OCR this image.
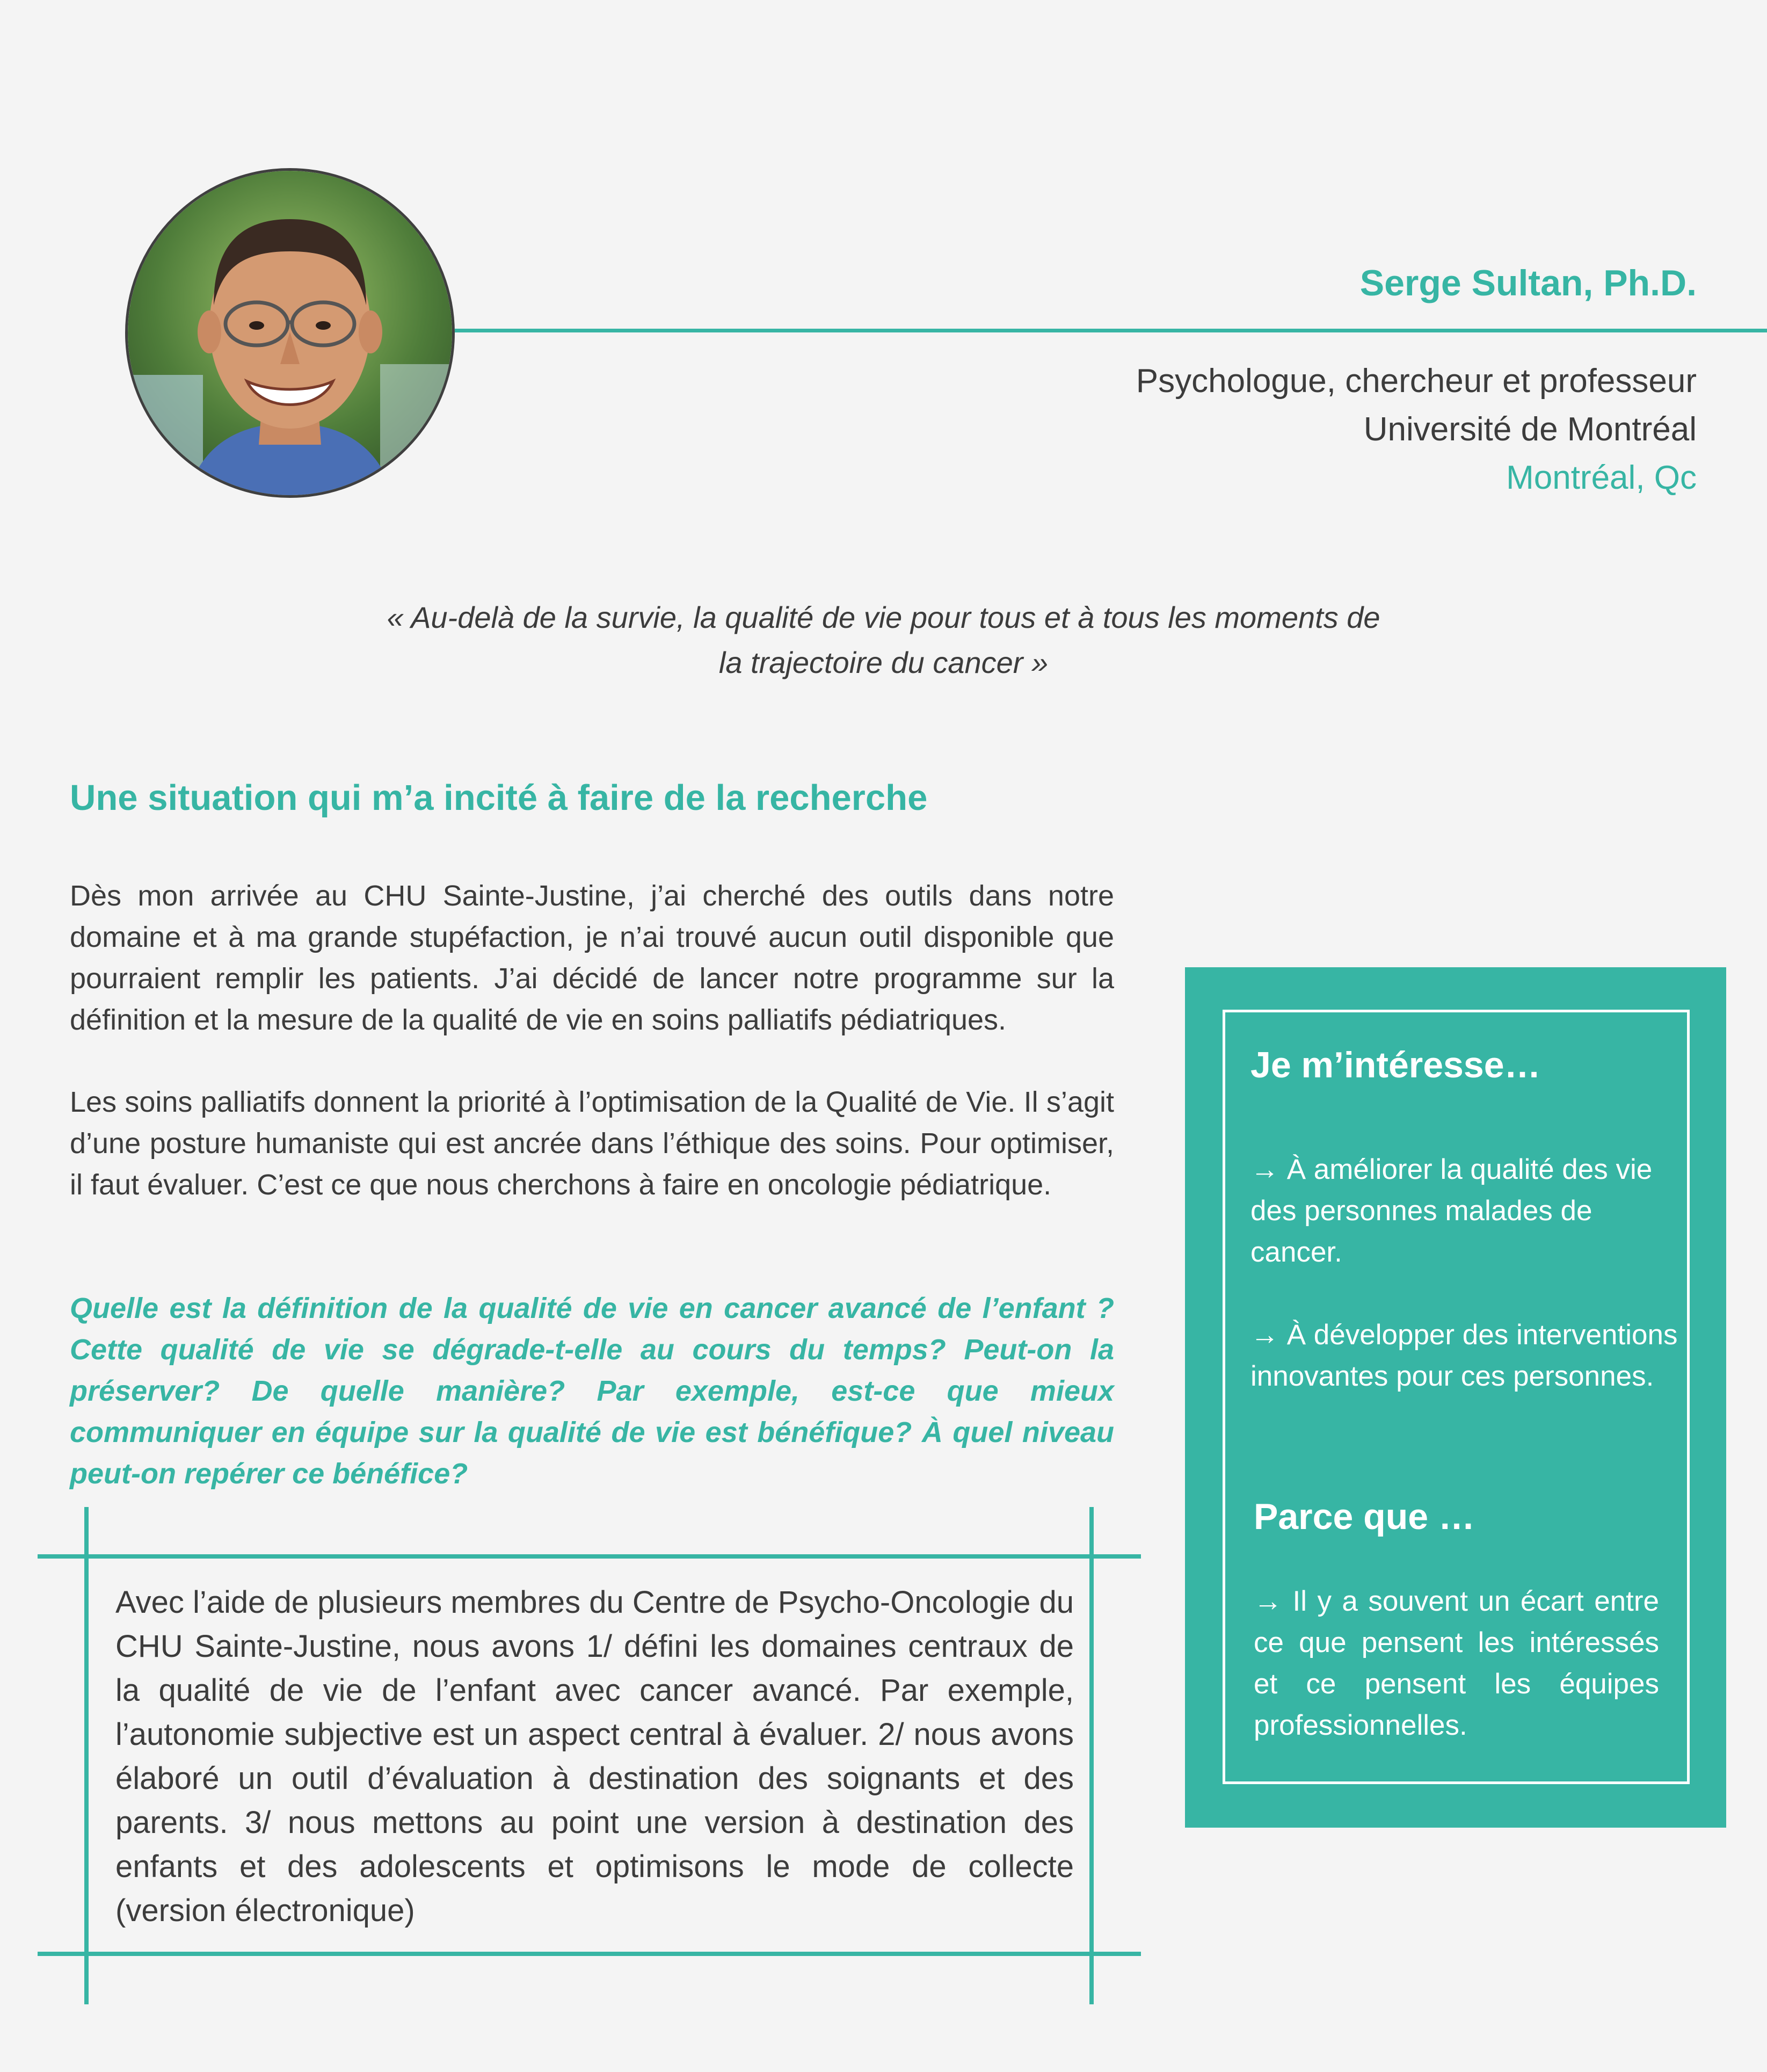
Serge Sultan, Ph.D.
Psychologue, chercheur et professeur
Université de Montréal
Montréal, Qc
« Au-delà de la survie, la qualité de vie pour tous et à tous les moments de
la trajectoire du cancer »
Une situation qui m’a incité à faire de la recherche
Dès mon arrivée au CHU Sainte-Justine, j’ai cherché des outils dans notre domaine et à ma grande stupéfaction, je n’ai trouvé aucun outil disponible que pourraient remplir les patients. J’ai décidé de lancer notre programme sur la définition et la mesure de la qualité de vie en soins palliatifs pédiatriques.
Les soins palliatifs donnent la priorité à l’optimisation de la Qualité de Vie. Il s’agit d’une posture humaniste qui est ancrée dans l’éthique des soins. Pour optimiser, il faut évaluer. C’est ce que nous cherchons à faire en oncologie pédiatrique.
Quelle est la définition de la qualité de vie en cancer avancé de l’enfant ? Cette qualité de vie se dégrade-t-elle au cours du temps? Peut-on la préserver? De quelle manière? Par exemple, est-ce que mieux communiquer en équipe sur la qualité de vie est bénéfique? À quel niveau peut-on repérer ce bénéfice?
Avec l’aide de plusieurs membres du Centre de Psycho-Oncologie du CHU Sainte-Justine, nous avons 1/ défini les domaines centraux de la qualité de vie de l’enfant avec cancer avancé. Par exemple, l’autonomie subjective est un aspect central à évaluer. 2/ nous avons élaboré un outil d’évaluation à destination des soignants et des parents. 3/ nous mettons au point une version à destination des enfants et des adolescents et optimisons le mode de collecte (version électronique)
Je m’intéresse…
→ À améliorer la qualité des vie des personnes malades de cancer.
→ À développer des interventions innovantes pour ces personnes.
Parce que …
→ Il y a souvent un écart entre ce que pensent les intéressés et ce pensent les équipes professionnelles.
